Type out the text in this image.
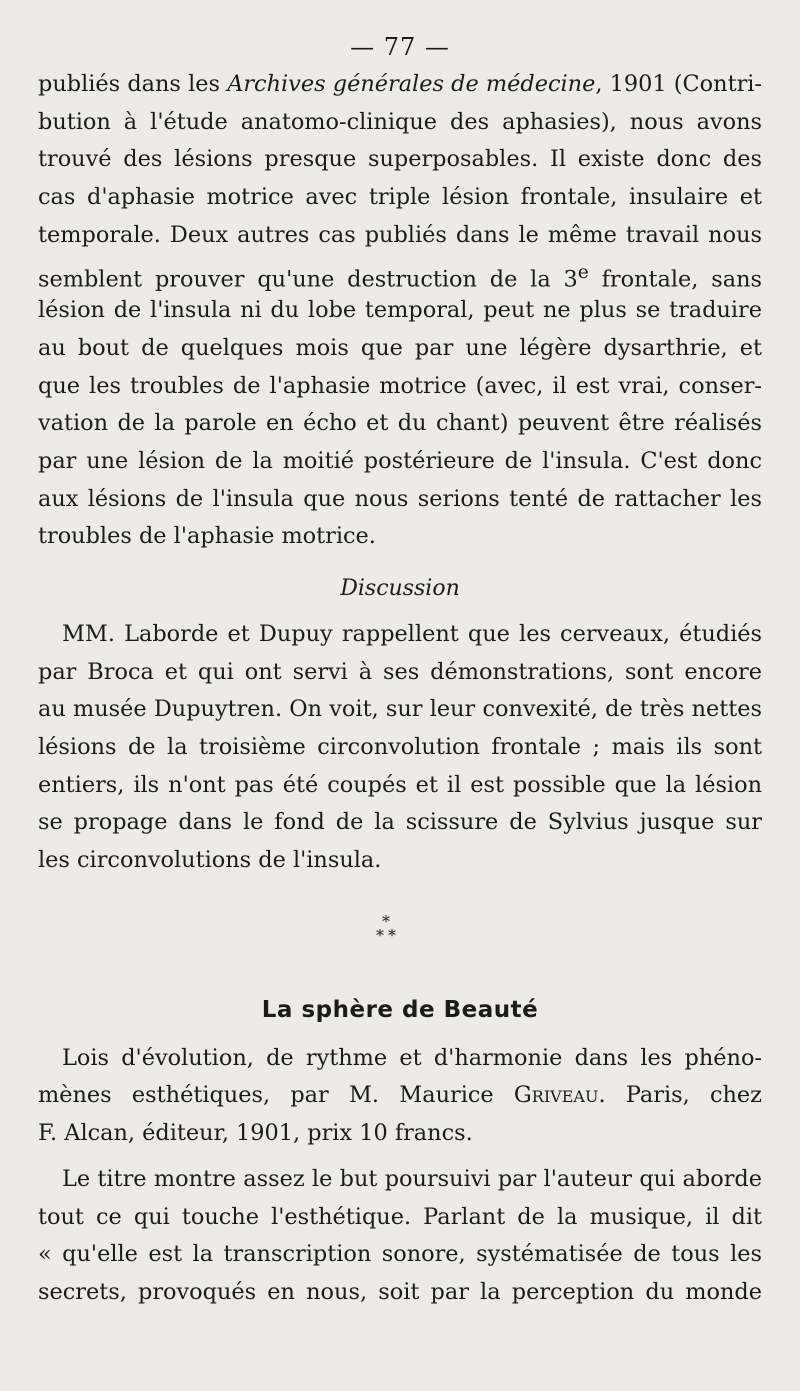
— 77 —
publiés dans les Archives générales de médecine, 1901 (Contri-
bution à l'étude anatomo-clinique des aphasies), nous avons
trouvé des lésions presque superposables. Il existe donc des
cas d'aphasie motrice avec triple lésion frontale, insulaire et
temporale. Deux autres cas publiés dans le même travail nous
semblent prouver qu'une destruction de la 3e frontale, sans
lésion de l'insula ni du lobe temporal, peut ne plus se traduire
au bout de quelques mois que par une légère dysarthrie, et
que les troubles de l'aphasie motrice (avec, il est vrai, conser-
vation de la parole en écho et du chant) peuvent être réalisés
par une lésion de la moitié postérieure de l'insula. C'est donc
aux lésions de l'insula que nous serions tenté de rattacher les
troubles de l'aphasie motrice.
Discussion
MM. Laborde et Dupuy rappellent que les cerveaux, étudiés
par Broca et qui ont servi à ses démonstrations, sont encore
au musée Dupuytren. On voit, sur leur convexité, de très nettes
lésions de la troisième circonvolution frontale ; mais ils sont
entiers, ils n'ont pas été coupés et il est possible que la lésion
se propage dans le fond de la scissure de Sylvius jusque sur
les circonvolutions de l'insula.
*
* *
La sphère de Beauté
Lois d'évolution, de rythme et d'harmonie dans les phéno-
mènes esthétiques, par M. Maurice Griveau. Paris, chez
F. Alcan, éditeur, 1901, prix 10 francs.
Le titre montre assez le but poursuivi par l'auteur qui aborde
tout ce qui touche l'esthétique. Parlant de la musique, il dit
« qu'elle est la transcription sonore, systématisée de tous les
secrets, provoqués en nous, soit par la perception du monde
